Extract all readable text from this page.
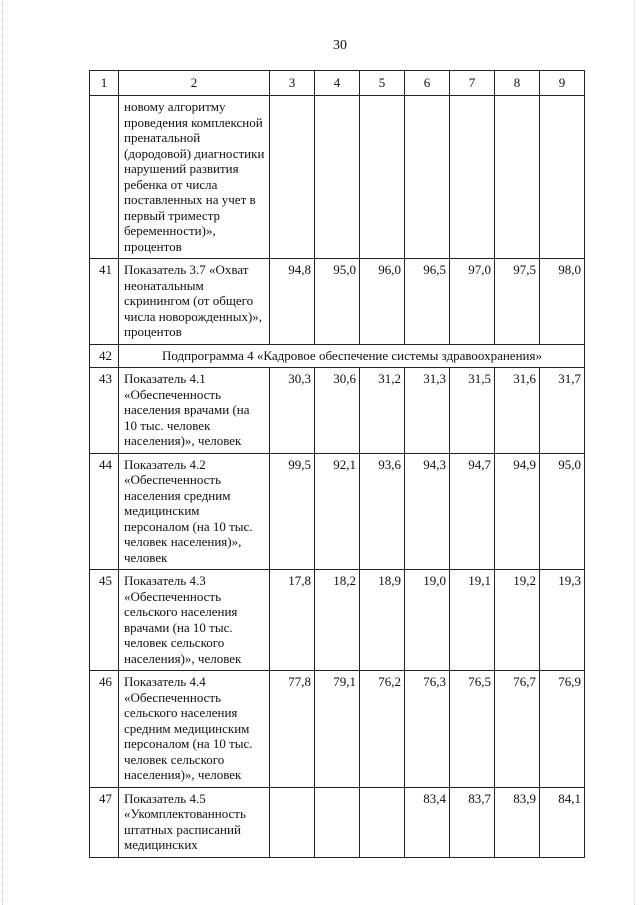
30
1	2	3	4	5	6	7	8	9
	новому алгоритму проведения комплексной пренатальной (дородовой) диагностики нарушений развития ребенка от числа поставленных на учет в первый триместр беременности)», процентов							
41	Показатель 3.7 «Охват неонатальным скринингом (от общего числа новорожденных)», процентов	94,8	95,0	96,0	96,5	97,0	97,5	98,0
42	Подпрограмма 4 «Кадровое обеспечение системы здравоохранения»							
43	Показатель 4.1 «Обеспеченность населения врачами (на 10 тыс. человек населения)», человек	30,3	30,6	31,2	31,3	31,5	31,6	31,7
44	Показатель 4.2 «Обеспеченность населения средним медицинским персоналом (на 10 тыс. человек населения)», человек	99,5	92,1	93,6	94,3	94,7	94,9	95,0
45	Показатель 4.3 «Обеспеченность сельского населения врачами (на 10 тыс. человек сельского населения)», человек	17,8	18,2	18,9	19,0	19,1	19,2	19,3
46	Показатель 4.4 «Обеспеченность сельского населения средним медицинским персоналом (на 10 тыс. человек сельского населения)», человек	77,8	79,1	76,2	76,3	76,5	76,7	76,9
47	Показатель 4.5 «Укомплектованность штатных расписаний медицинских				83,4	83,7	83,9	84,1
